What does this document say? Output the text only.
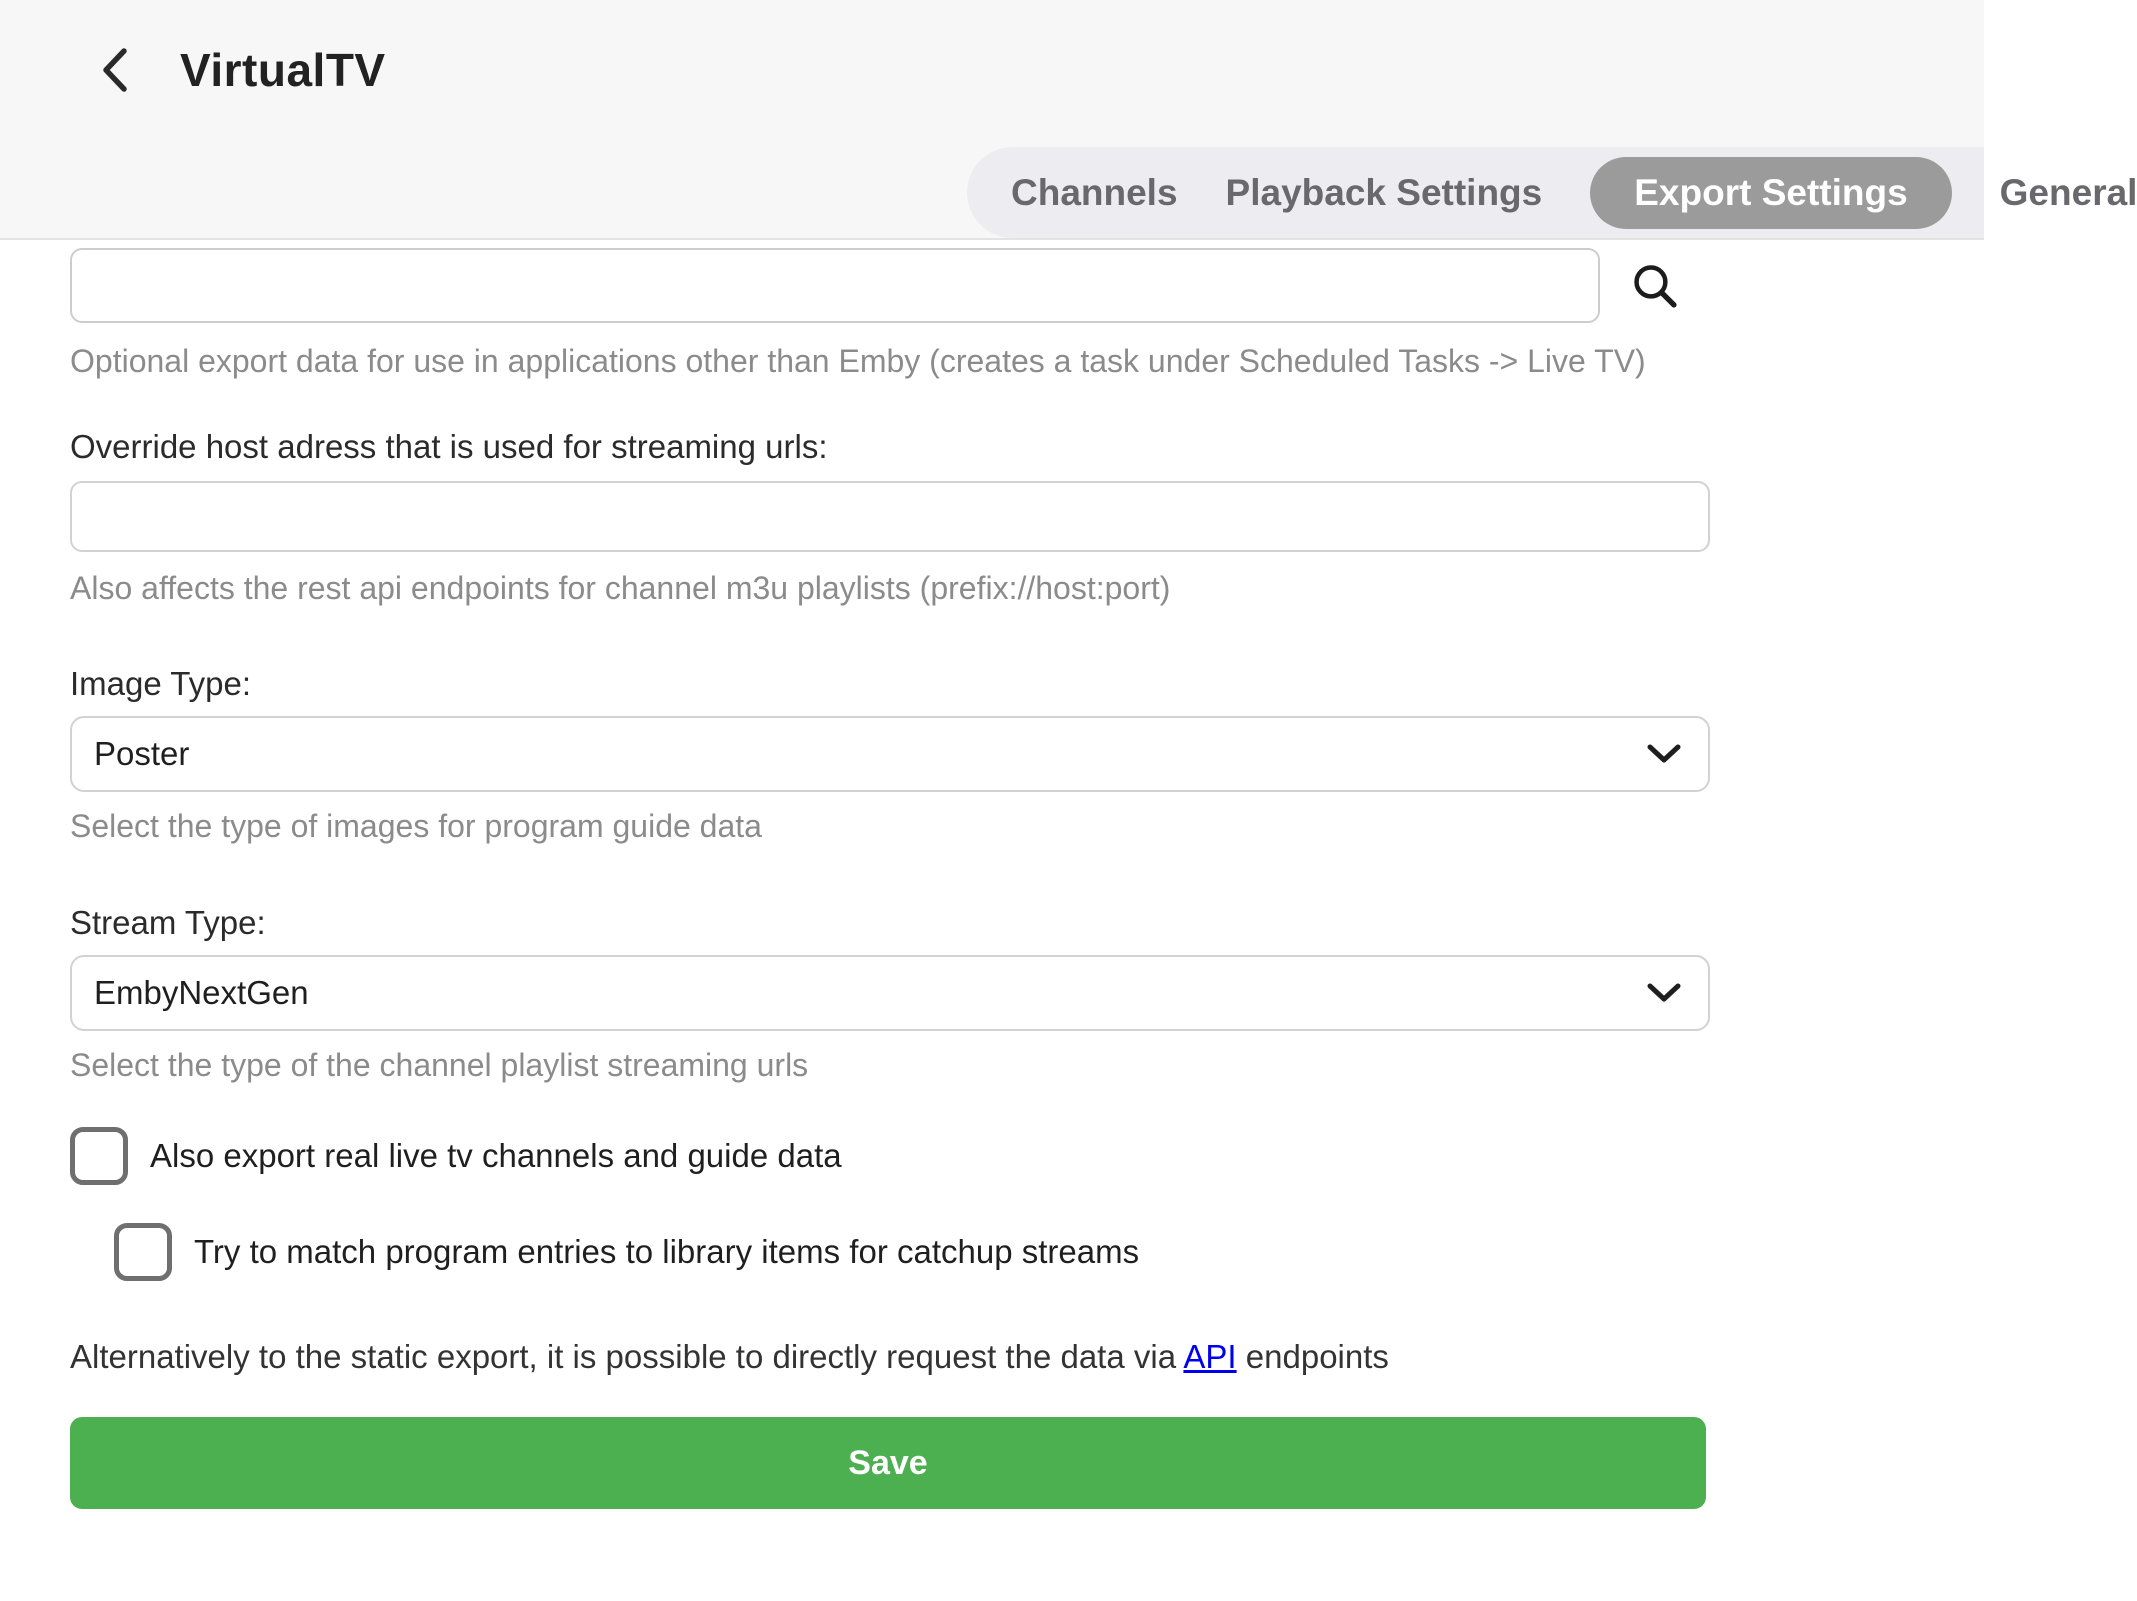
VirtualTV
Channels Playback Settings	Export Settings	General
Optional export data for use in applications other than Emby (creates a task under Scheduled Tasks -> Live TV)
Override host adress that is used for streaming urls:
Also affects the rest api endpoints for channel m3u playlists (prefix://host:port)
Image Type:
Poster
Select the type of images for program guide data
Stream Type:
EmbyNextGen
Select the type of the channel playlist streaming urls
Also export real live tv channels and guide data
Try to match program entries to library items for catchup streams
Alternatively to the static export, it is possible to directly request the data via API endpoints
Save
